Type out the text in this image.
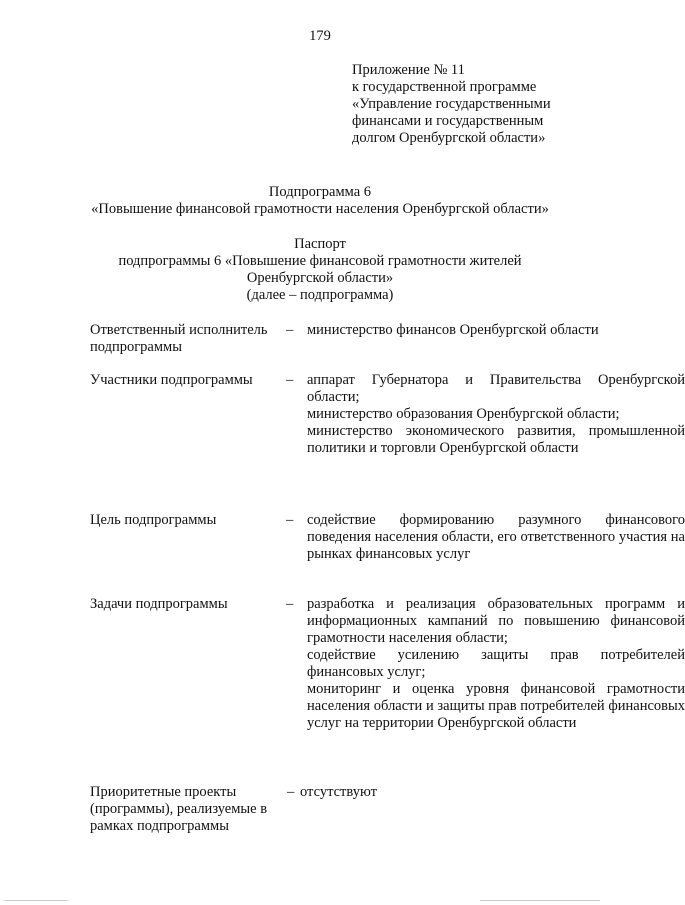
179
Приложение № 11
к государственной программе
«Управление государственными
финансами и государственным
долгом Оренбургской области»
Подпрограмма 6
«Повышение финансовой грамотности населения Оренбургской области»
Паспорт
подпрограммы 6 «Повышение финансовой грамотности жителей
Оренбургской области»
(далее – подпрограмма)
Ответственный исполнитель подпрограммы
– министерство финансов Оренбургской области
Участники подпрограммы	– аппарат Губернатора и Правительства Оренбургской области;
министерство образования Оренбургской области;
министерство экономического развития, промышленной политики и торговли Оренбургской области
Цель подпрограммы	– содействие формированию разумного финансового поведения населения области, его ответственного участия на рынках финансовых услуг
Задачи подпрограммы	– разработка и реализация образовательных программ и информационных кампаний по повышению финансовой грамотности населения области;
содействие усилению защиты прав потребителей финансовых услуг;
мониторинг и оценка уровня финансовой грамотности населения области и защиты прав потребителей финансовых услуг на территории Оренбургской области
Приоритетные проекты (программы), реализуемые в рамках подпрограммы
– отсутствуют
